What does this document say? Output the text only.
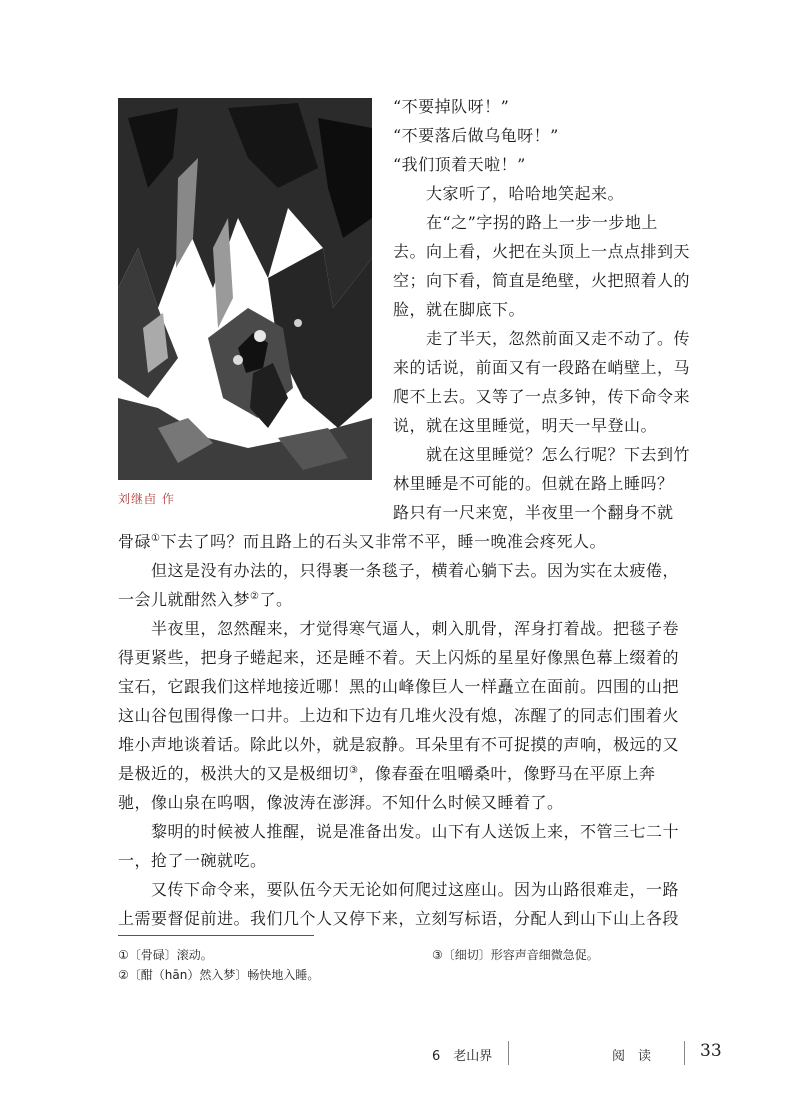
刘继卣 作
“不要掉队呀！”
“不要落后做乌龟呀！”
“我们顶着天啦！”
　　大家听了，哈哈地笑起来。
　　在“之”字拐的路上一步一步地上
去。向上看，火把在头顶上一点点排到天
空；向下看，简直是绝壁，火把照着人的
脸，就在脚底下。
　　走了半天，忽然前面又走不动了。传
来的话说，前面又有一段路在峭壁上，马
爬不上去。又等了一点多钟，传下命令来
说，就在这里睡觉，明天一早登山。
　　就在这里睡觉？怎么行呢？下去到竹
林里睡是不可能的。但就在路上睡吗？
路只有一尺来宽，半夜里一个翻身不就
骨碌①下去了吗？而且路上的石头又非常不平，睡一晚准会疼死人。
　　但这是没有办法的，只得裹一条毯子，横着心躺下去。因为实在太疲倦，
一会儿就酣然入梦②了。
　　半夜里，忽然醒来，才觉得寒气逼人，刺入肌骨，浑身打着战。把毯子卷
得更紧些，把身子蜷起来，还是睡不着。天上闪烁的星星好像黑色幕上缀着的
宝石，它跟我们这样地接近哪！黑的山峰像巨人一样矗立在面前。四围的山把
这山谷包围得像一口井。上边和下边有几堆火没有熄，冻醒了的同志们围着火
堆小声地谈着话。除此以外，就是寂静。耳朵里有不可捉摸的声响，极远的又
是极近的，极洪大的又是极细切③，像春蚕在咀嚼桑叶，像野马在平原上奔
驰，像山泉在呜咽，像波涛在澎湃。不知什么时候又睡着了。
　　黎明的时候被人推醒，说是准备出发。山下有人送饭上来，不管三七二十
一，抢了一碗就吃。
　　又传下命令来，要队伍今天无论如何爬过这座山。因为山路很难走，一路
上需要督促前进。我们几个人又停下来，立刻写标语，分配人到山下山上各段
①〔骨碌〕滚动。
②〔酣（hān）然入梦〕畅快地入睡。
③〔细切〕形容声音细微急促。
6　老山界	阅　读	33
